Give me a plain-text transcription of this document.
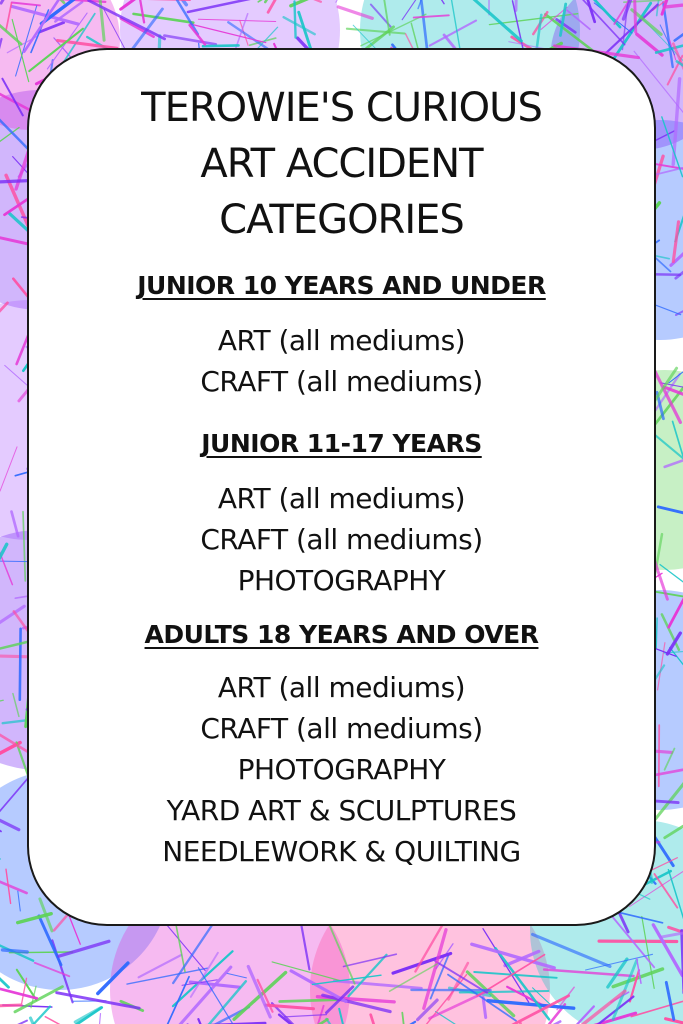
TEROWIE'S CURIOUS
ART ACCIDENT
CATEGORIES
JUNIOR 10 YEARS AND UNDER
ART (all mediums)
CRAFT (all mediums)
JUNIOR 11-17 YEARS
ART (all mediums)
CRAFT (all mediums)
PHOTOGRAPHY
ADULTS 18 YEARS AND OVER
ART (all mediums)
CRAFT (all mediums)
PHOTOGRAPHY
YARD ART & SCULPTURES
NEEDLEWORK & QUILTING
